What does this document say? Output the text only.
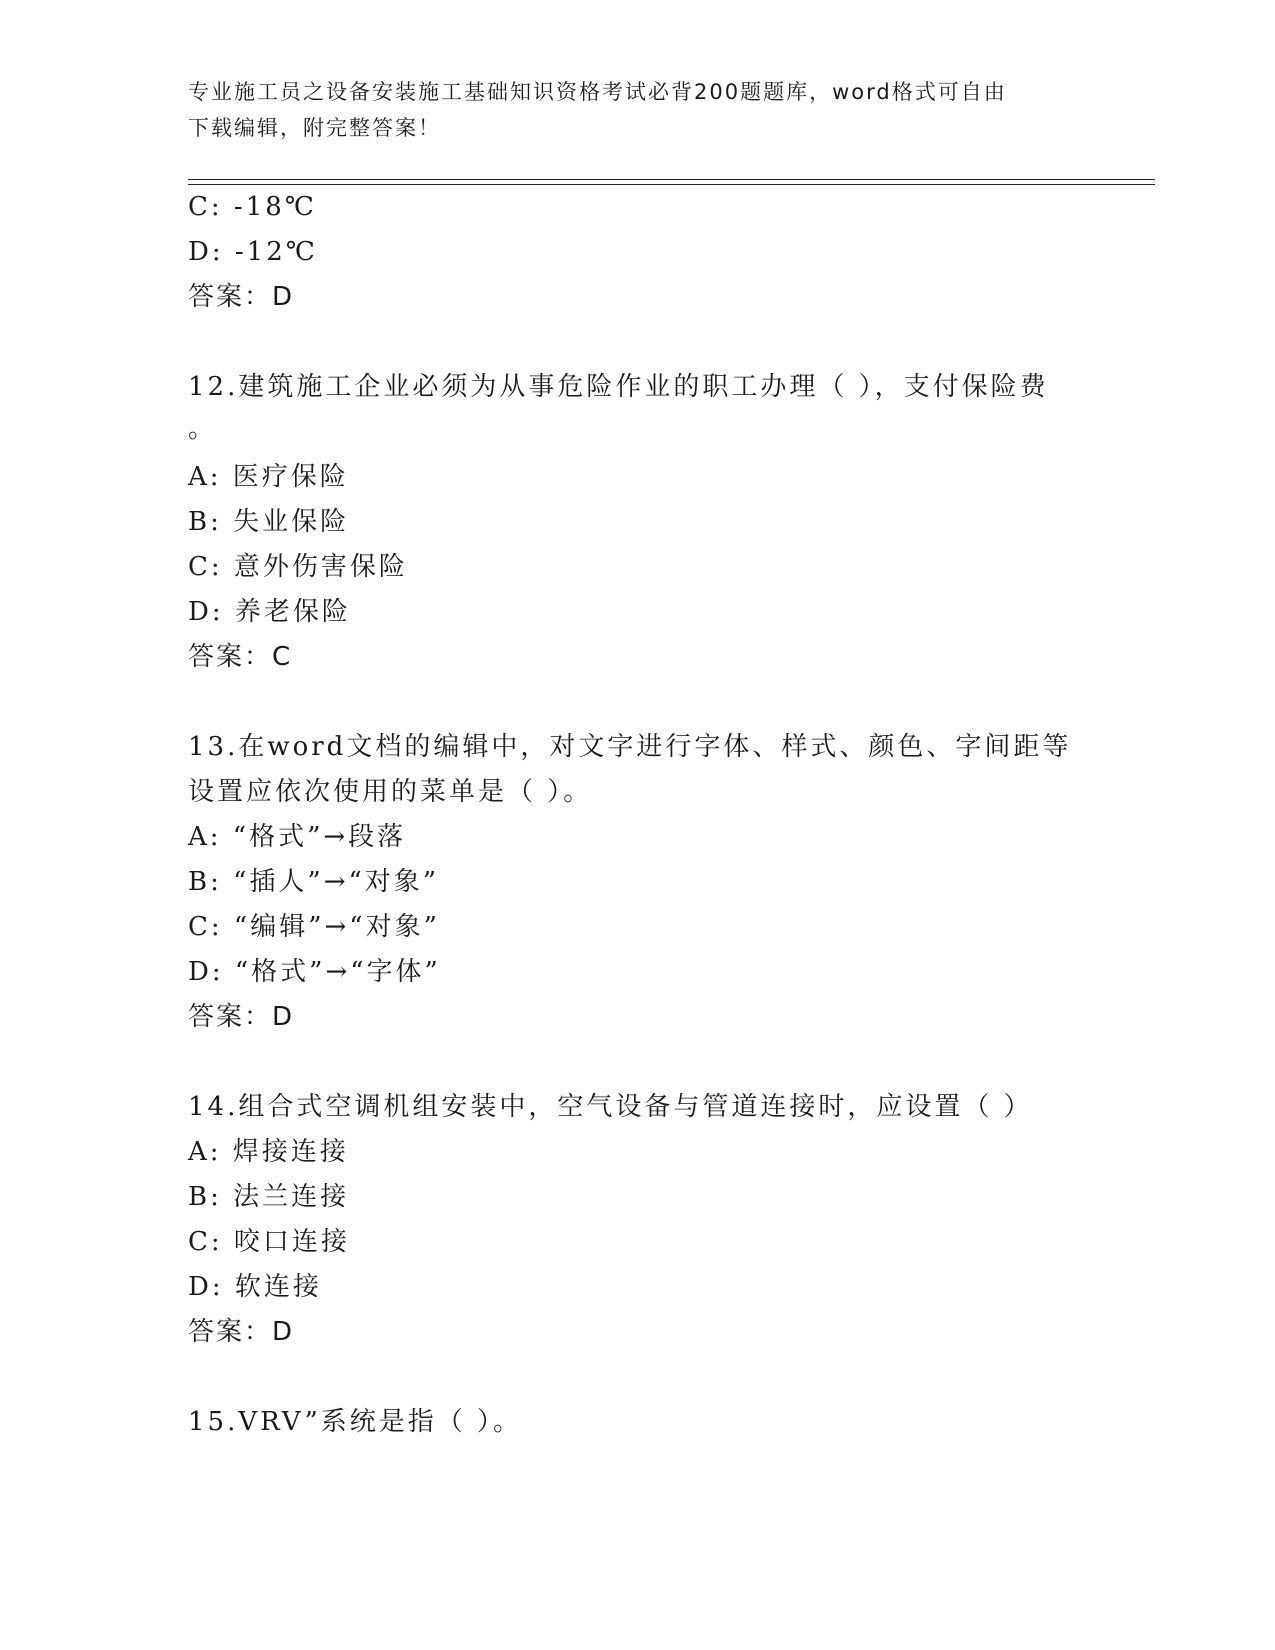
专业施工员之设备安装施工基础知识资格考试必背200题题库，word格式可自由
下载编辑，附完整答案！
C: -18℃
D: -12℃
答案：D
12.建筑施工企业必须为从事危险作业的职工办理（ ），支付保险费
。
A: 医疗保险
B: 失业保险
C: 意外伤害保险
D: 养老保险
答案：C
13.在word文档的编辑中，对文字进行字体、样式、颜色、字间距等
设置应依次使用的菜单是（ ）。
A: “格式”→段落
B: “插人”→“对象”
C: “编辑”→“对象”
D: “格式”→“字体”
答案：D
14.组合式空调机组安装中，空气设备与管道连接时，应设置（ ）
A: 焊接连接
B: 法兰连接
C: 咬口连接
D: 软连接
答案：D
15.VRV”系统是指（ ）。
